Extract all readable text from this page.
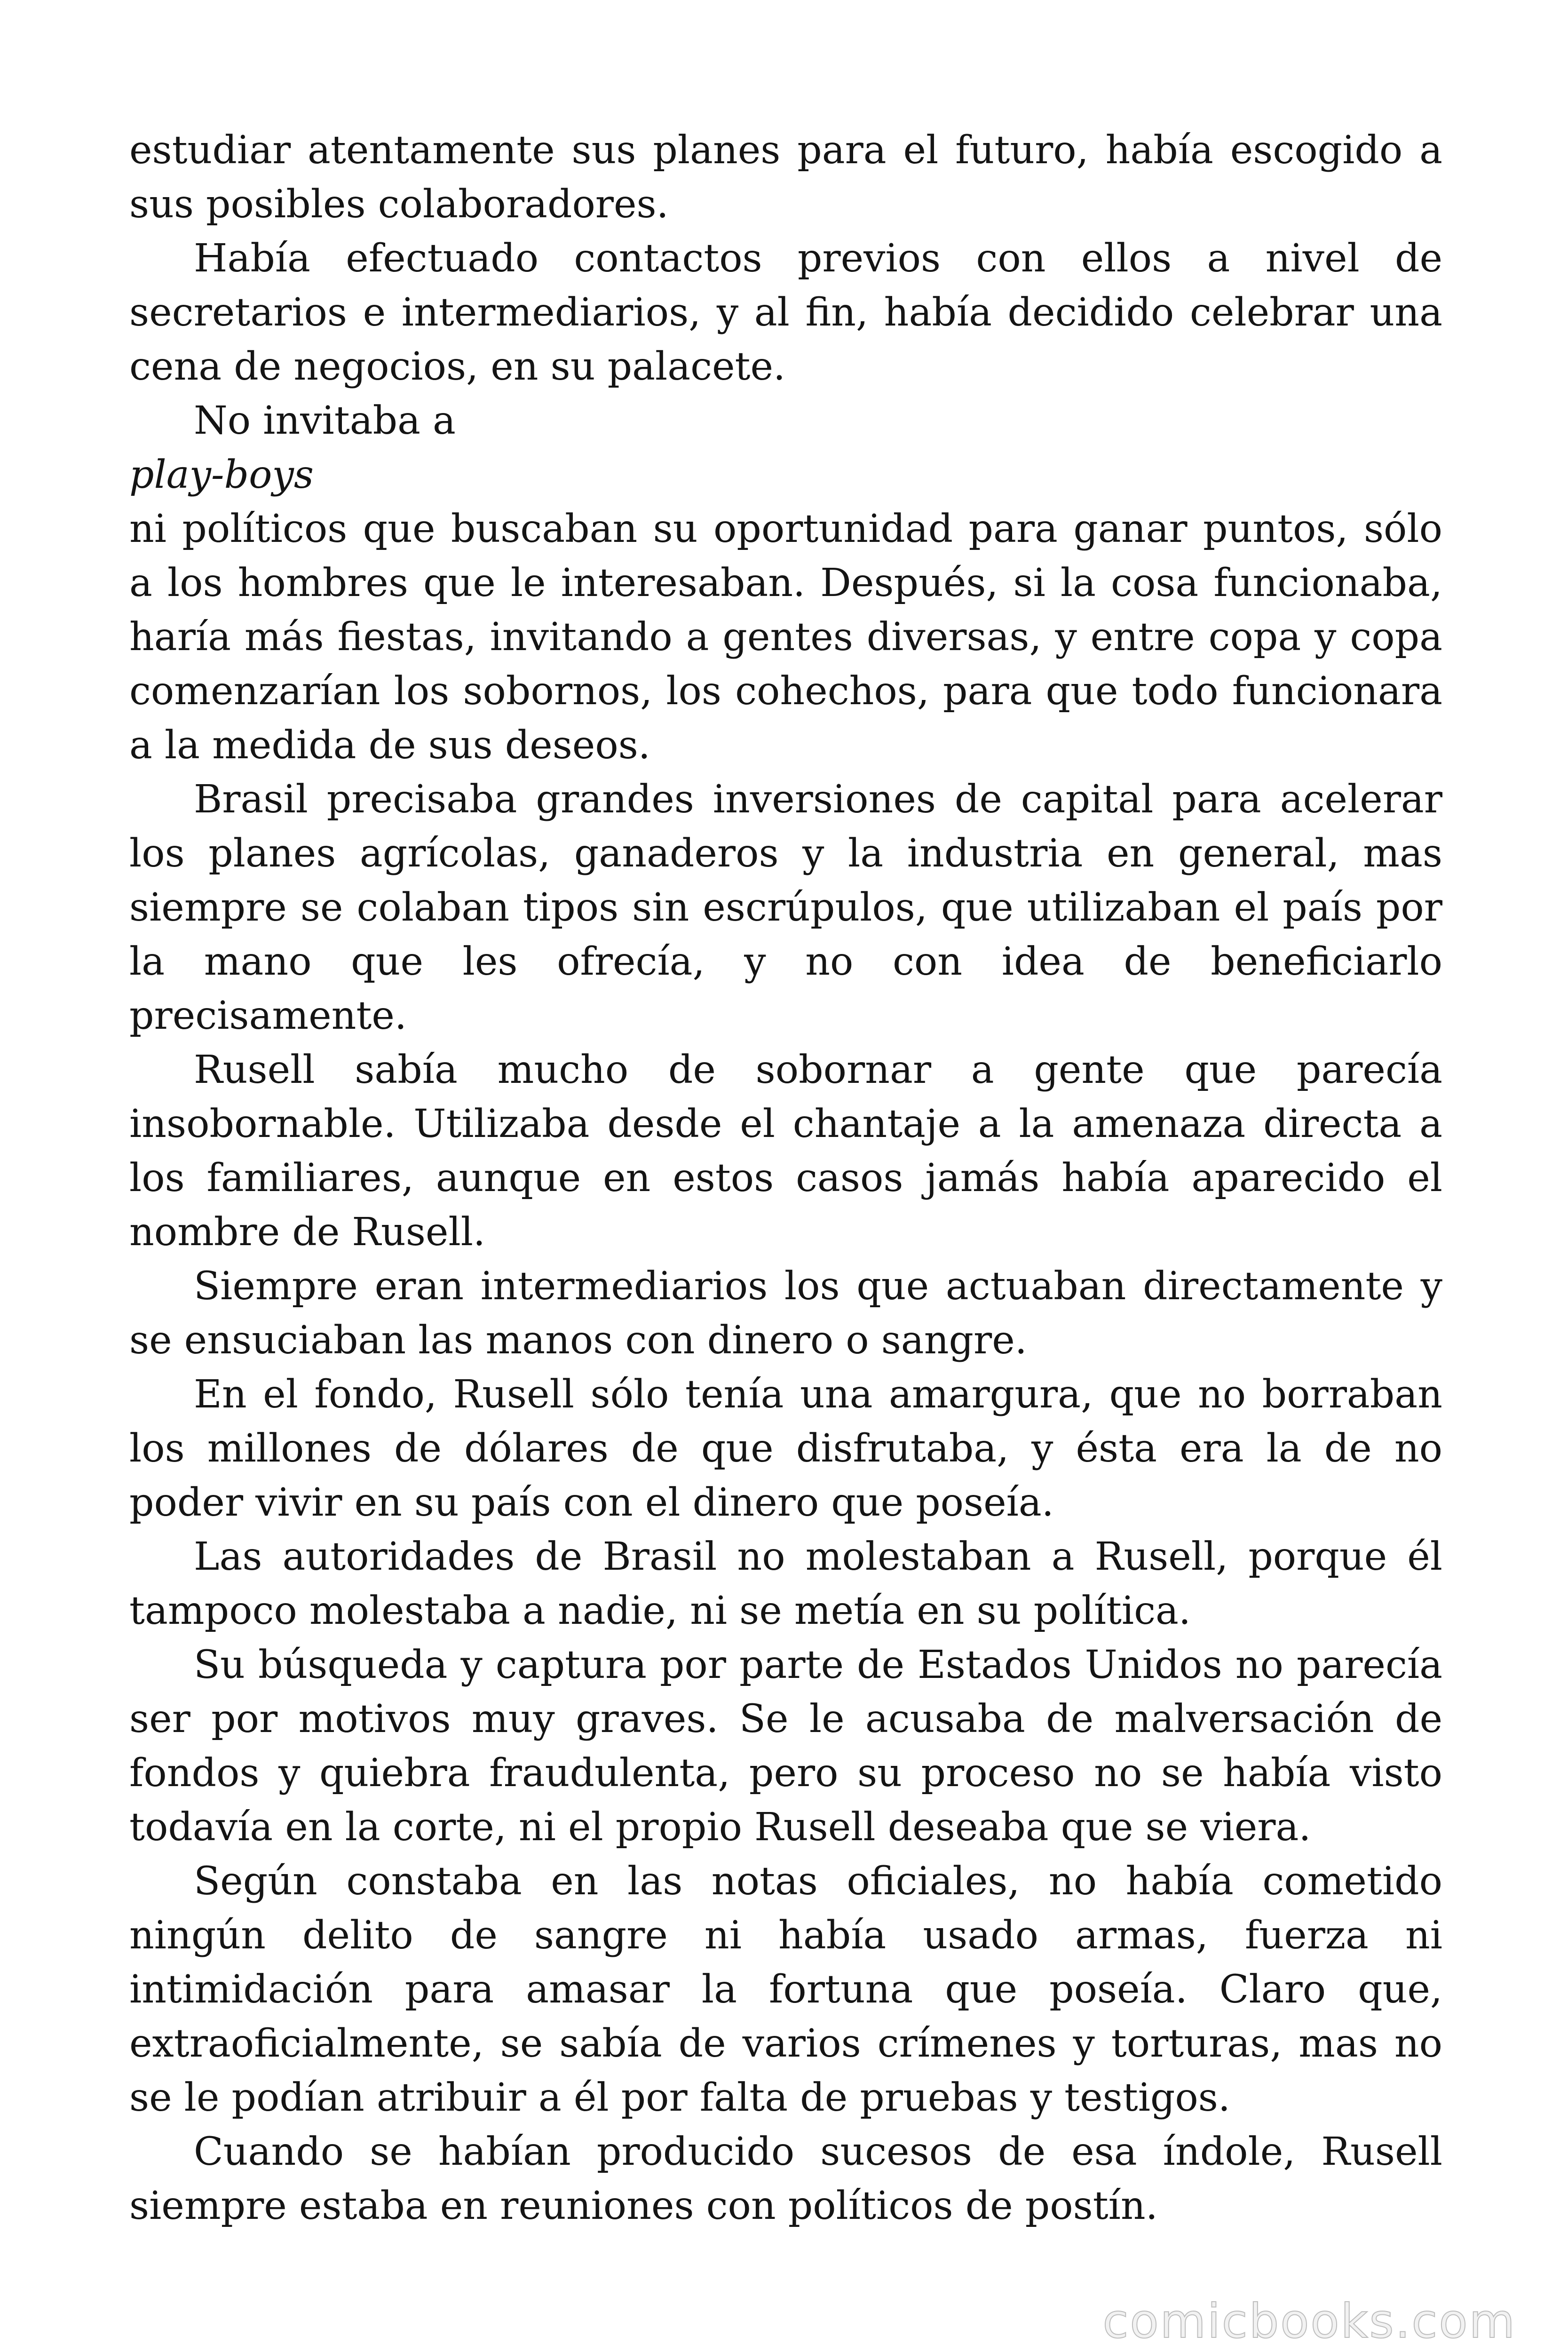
estudiar atentamente sus planes para el futuro, había escogido a sus posibles colaboradores.

Había efectuado contactos previos con ellos a nivel de secretarios e intermediarios, y al fin, había decidido celebrar una cena de negocios, en su palacete.

No invitaba a

play-boys

ni políticos que buscaban su oportunidad para ganar puntos, sólo a los hombres que le interesaban. Después, si la cosa funcionaba, haría más fiestas, invitando a gentes diversas, y entre copa y copa comenzarían los sobornos, los cohechos, para que todo funcionara a la medida de sus deseos.

Brasil precisaba grandes inversiones de capital para acelerar los planes agrícolas, ganaderos y la industria en general, mas siempre se colaban tipos sin escrúpulos, que utilizaban el país por la mano que les ofrecía, y no con idea de beneficiarlo precisamente.

Rusell sabía mucho de sobornar a gente que parecía insobornable. Utilizaba desde el chantaje a la amenaza directa a los familiares, aunque en estos casos jamás había aparecido el nombre de Rusell.

Siempre eran intermediarios los que actuaban directamente y se ensuciaban las manos con dinero o sangre.

En el fondo, Rusell sólo tenía una amargura, que no borraban los millones de dólares de que disfrutaba, y ésta era la de no poder vivir en su país con el dinero que poseía.

Las autoridades de Brasil no molestaban a Rusell, porque él tampoco molestaba a nadie, ni se metía en su política.

Su búsqueda y captura por parte de Estados Unidos no parecía ser por motivos muy graves. Se le acusaba de malversación de fondos y quiebra fraudulenta, pero su proceso no se había visto todavía en la corte, ni el propio Rusell deseaba que se viera.

Según constaba en las notas oficiales, no había cometido ningún delito de sangre ni había usado armas, fuerza ni intimidación para amasar la fortuna que poseía. Claro que, extraoficialmente, se sabía de varios crímenes y torturas, mas no se le podían atribuir a él por falta de pruebas y testigos.

Cuando se habían producido sucesos de esa índole, Rusell siempre estaba en reuniones con políticos de postín.

comicbooks.com
